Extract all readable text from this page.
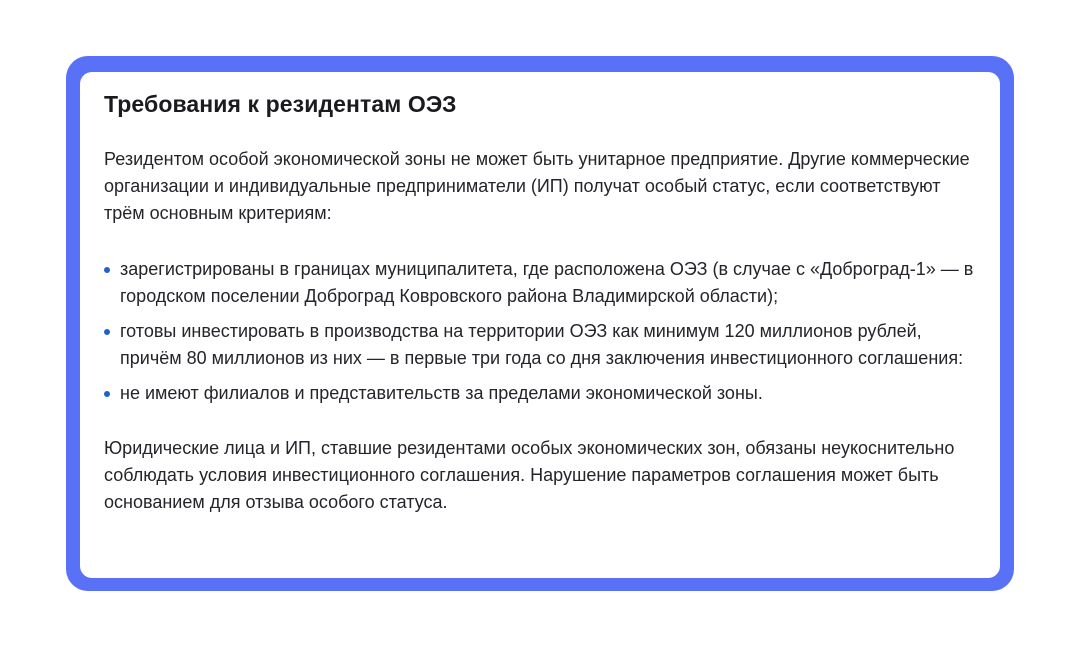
Требования к резидентам ОЭЗ

Резидентом особой экономической зоны не может быть унитарное предприятие. Другие коммерческие организации и индивидуальные предприниматели (ИП) получат особый статус, если соответствуют трём основным критериям:

зарегистрированы в границах муниципалитета, где расположена ОЭЗ (в случае с «Доброград-1» — в городском поселении Доброград Ковровского района Владимирской области);
готовы инвестировать в производства на территории ОЭЗ как минимум 120 миллионов рублей, причём 80 миллионов из них — в первые три года со дня заключения инвестиционного соглашения:
не имеют филиалов и представительств за пределами экономической зоны.

Юридические лица и ИП, ставшие резидентами особых экономических зон, обязаны неукоснительно соблюдать условия инвестиционного соглашения. Нарушение параметров соглашения может быть основанием для отзыва особого статуса.
